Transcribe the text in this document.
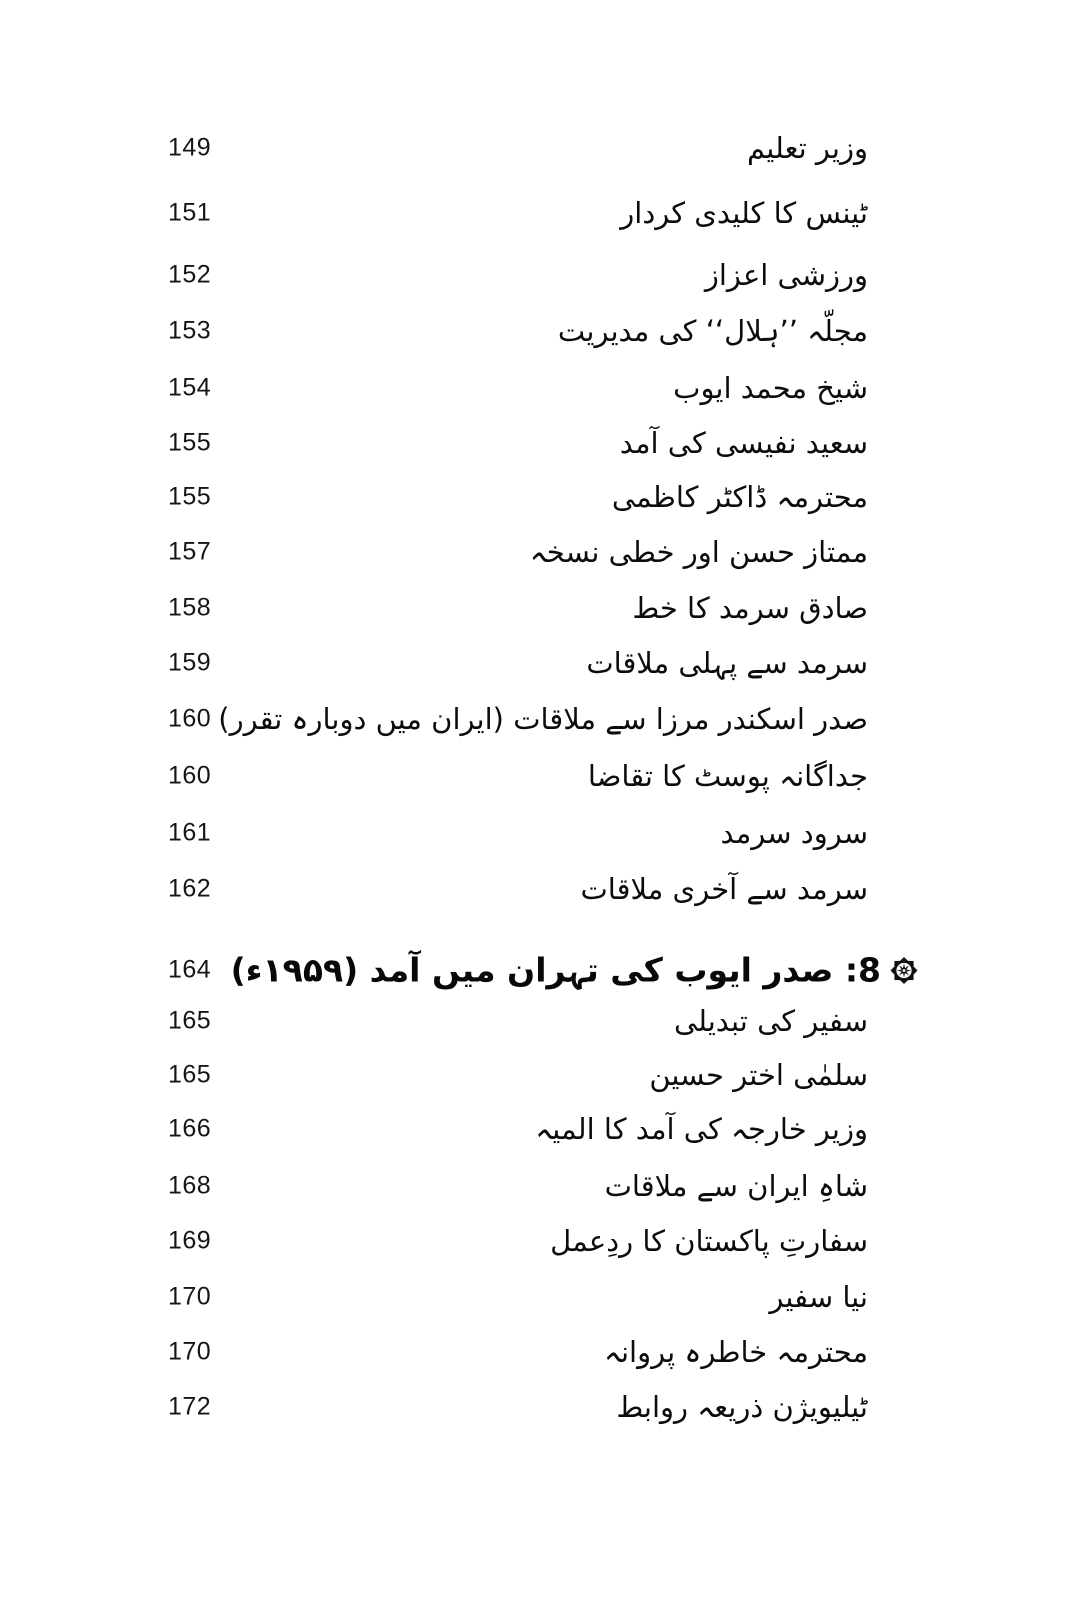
149	وزیر تعلیم
151	ٹینس کا کلیدی کردار
152	ورزشی اعزاز
153	مجلّہ ’’ہلال‘‘ کی مدیریت
154	شیخ محمد ایوب
155	سعید نفیسی کی آمد
155	محترمہ ڈاکٹر کاظمی
157	ممتاز حسن اور خطی نسخہ
158	صادق سرمد کا خط
159	سرمد سے پہلی ملاقات
160 صدر اسکندر مرزا سے ملاقات (ایران میں دوبارہ تقرر)
160	جداگانہ پوسٹ کا تقاضا
161	سرود سرمد
162	سرمد سے آخری ملاقات
164 8: صدر ایوب کی تہران میں آمد (۱۹۵۹ء)
165	سفیر کی تبدیلی
165	سلمٰی اختر حسین
166	وزیر خارجہ کی آمد کا المیہ
168	شاہِ ایران سے ملاقات
169	سفارتِ پاکستان کا ردِعمل
170	نیا سفیر
170	محترمہ خاطرہ پروانہ
172	ٹیلیویژن ذریعہ روابط
